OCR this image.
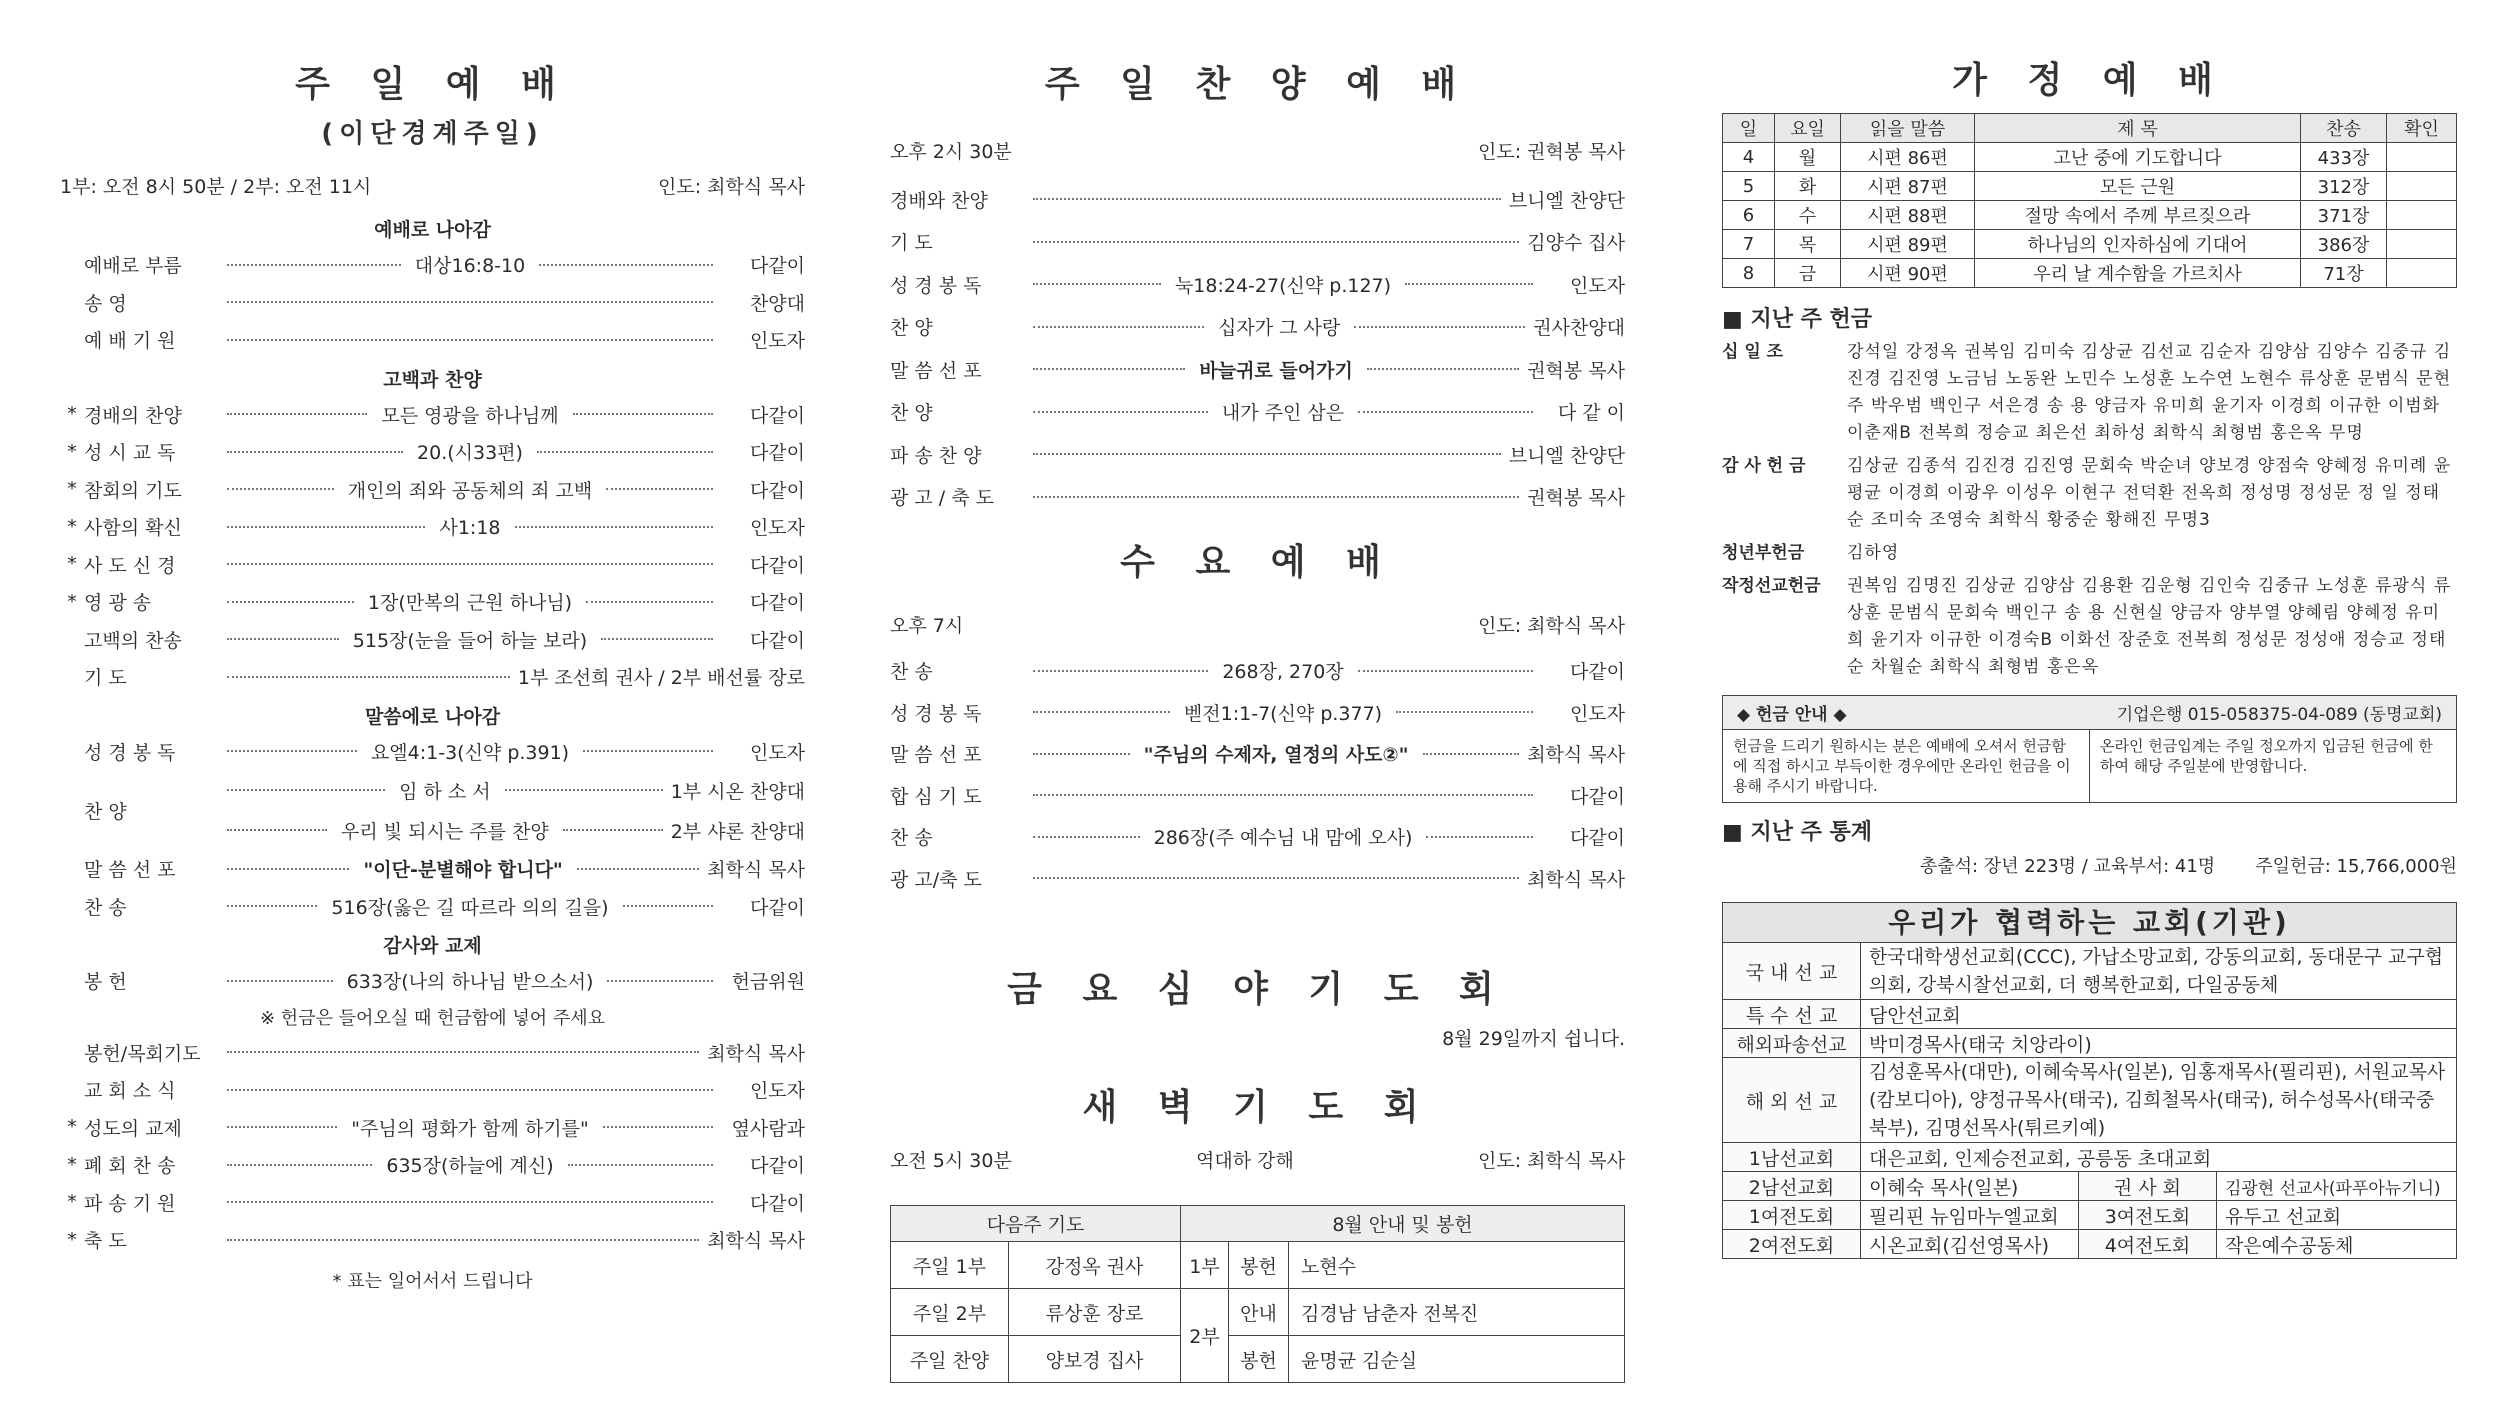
주 일 예 배
(이단경계주일)
1부: 오전 8시 50분 / 2부: 오전 11시	인도: 최학식 목사
예배로 나아감
예배로 부름	대상16:8-10	다같이
송 영	찬양대
예 배 기 원	인도자
고백과 찬양
* 경배의 찬양	모든 영광을 하나님께	다같이
* 성 시 교 독	20.(시33편)	다같이
* 참회의 기도	개인의 죄와 공동체의 죄 고백	다같이
* 사함의 확신	사1:18	인도자
* 사 도 신 경	다같이
* 영 광 송	1장(만복의 근원 하나님)	다같이
고백의 찬송	515장(눈을 들어 하늘 보라)	다같이
기 도	1부 조선희 권사 / 2부 배선률 장로
말씀에로 나아감
성 경 봉 독	요엘4:1-3(신약 p.391)	인도자
찬 양
임 하 소 서	1부 시온 찬양대
우리 빛 되시는 주를 찬양	2부 샤론 찬양대
말 씀 선 포	"이단-분별해야 합니다"	최학식 목사
찬 송	516장(옳은 길 따르라 의의 길을)	다같이
감사와 교제
봉 헌	633장(나의 하나님 받으소서)	헌금위원
※ 헌금은 들어오실 때 헌금함에 넣어 주세요
봉헌/목회기도	최학식 목사
교 회 소 식	인도자
* 성도의 교제	"주님의 평화가 함께 하기를"	옆사람과
* 폐 회 찬 송	635장(하늘에 계신)	다같이
* 파 송 기 원	다같이
* 축 도	최학식 목사
* 표는 일어서서 드립니다
주 일 찬 양 예 배
오후 2시 30분	인도: 권혁봉 목사
경배와 찬양	브니엘 찬양단
기 도	김양수 집사
성 경 봉 독	눅18:24-27(신약 p.127)	인도자
찬 양	십자가 그 사랑	권사찬양대
말 씀 선 포	바늘귀로 들어가기	권혁봉 목사
찬 양	내가 주인 삼은	다 같 이
파 송 찬 양	브니엘 찬양단
광 고 / 축 도	권혁봉 목사
수 요 예 배
오후 7시	인도: 최학식 목사
찬 송	268장, 270장	다같이
성 경 봉 독	벧전1:1-7(신약 p.377)	인도자
말 씀 선 포	"주님의 수제자, 열정의 사도②"	최학식 목사
합 심 기 도	다같이
찬 송	286장(주 예수님 내 맘에 오사)	다같이
광 고/축 도	최학식 목사
금 요 심 야 기 도 회
8월 29일까지 쉽니다.
새 벽 기 도 회
오전 5시 30분	역대하 강해	인도: 최학식 목사
다음주 기도		8월 안내 및 봉헌		
주일 1부	강정옥 권사	1부	봉헌	노현수
주일 2부	류상훈 장로	2부	안내	김경남 남춘자 전복진
주일 찬양	양보경 집사		봉헌	윤명균 김순실
가 정 예 배
일	요일	읽을 말씀	제 목	찬송	확인
4	월	시편 86편	고난 중에 기도합니다	433장	
5	화	시편 87편	모든 근원	312장	
6	수	시편 88편	절망 속에서 주께 부르짖으라	371장	
7	목	시편 89편	하나님의 인자하심에 기대어	386장	
8	금	시편 90편	우리 날 계수함을 가르치사	71장	
■ 지난 주 헌금
십 일 조	강석일 강정옥 권복임 김미숙 김상균 김선교 김순자 김양삼 김양수 김중규 김진경 김진영 노금님 노동완 노민수 노성훈 노수연 노현수 류상훈 문범식 문현주 박우범 백인구 서은경 송 용 양금자 유미희 윤기자 이경희 이규한 이범화 이춘재B 전복희 정승교 최은선 최하성 최학식 최형범 홍은옥 무명
감 사 헌 금	김상균 김종석 김진경 김진영 문회숙 박순녀 양보경 양점숙 양혜정 유미례 윤평균 이경희 이광우 이성우 이현구 전덕환 전옥희 정성명 정성문 정 일 정태순 조미숙 조영숙 최학식 황중순 황해진 무명3
청년부헌금	김하영
작정선교헌금	권복임 김명진 김상균 김양삼 김용환 김운형 김인숙 김중규 노성훈 류광식 류상훈 문범식 문회숙 백인구 송 용 신현실 양금자 양부열 양혜림 양혜정 유미희 윤기자 이규한 이경숙B 이화선 장준호 전복희 정성문 정성애 정승교 정태순 차월순 최학식 최형범 홍은옥
◆ 헌금 안내 ◆	기업은행 015-058375-04-089 (동명교회)
헌금을 드리기 원하시는 분은 예배에 오셔서 헌금함에 직접 하시고 부득이한 경우에만 온라인 헌금을 이용해 주시기 바랍니다.
온라인 헌금입계는 주일 정오까지 입금된 헌금에 한하여 해당 주일분에 반영합니다.
■ 지난 주 통계
총출석: 장년 223명 / 교육부서: 41명 주일헌금: 15,766,000원
우리가 협력하는 교회(기관)
국 내 선 교	한국대학생선교회(CCC), 가납소망교회, 강동의교회, 동대문구 교구협의회, 강북시찰선교회, 더 행복한교회, 다일공동체		
특 수 선 교	담안선교회		
해외파송선교	박미경목사(태국 치앙라이)		
해 외 선 교	김성훈목사(대만), 이혜숙목사(일본), 임홍재목사(필리핀), 서원교목사(캄보디아), 양정규목사(태국), 김희철목사(태국), 허수성목사(태국중북부), 김명선목사(튀르키예)		
1남선교회	대은교회, 인제승전교회, 공릉동 초대교회		
2남선교회	이혜숙 목사(일본)	권 사 회	김광현 선교사(파푸아뉴기니)
1여전도회	필리핀 뉴임마누엘교회	3여전도회	유두고 선교회
2여전도회	시온교회(김선영목사)	4여전도회	작은예수공동체
